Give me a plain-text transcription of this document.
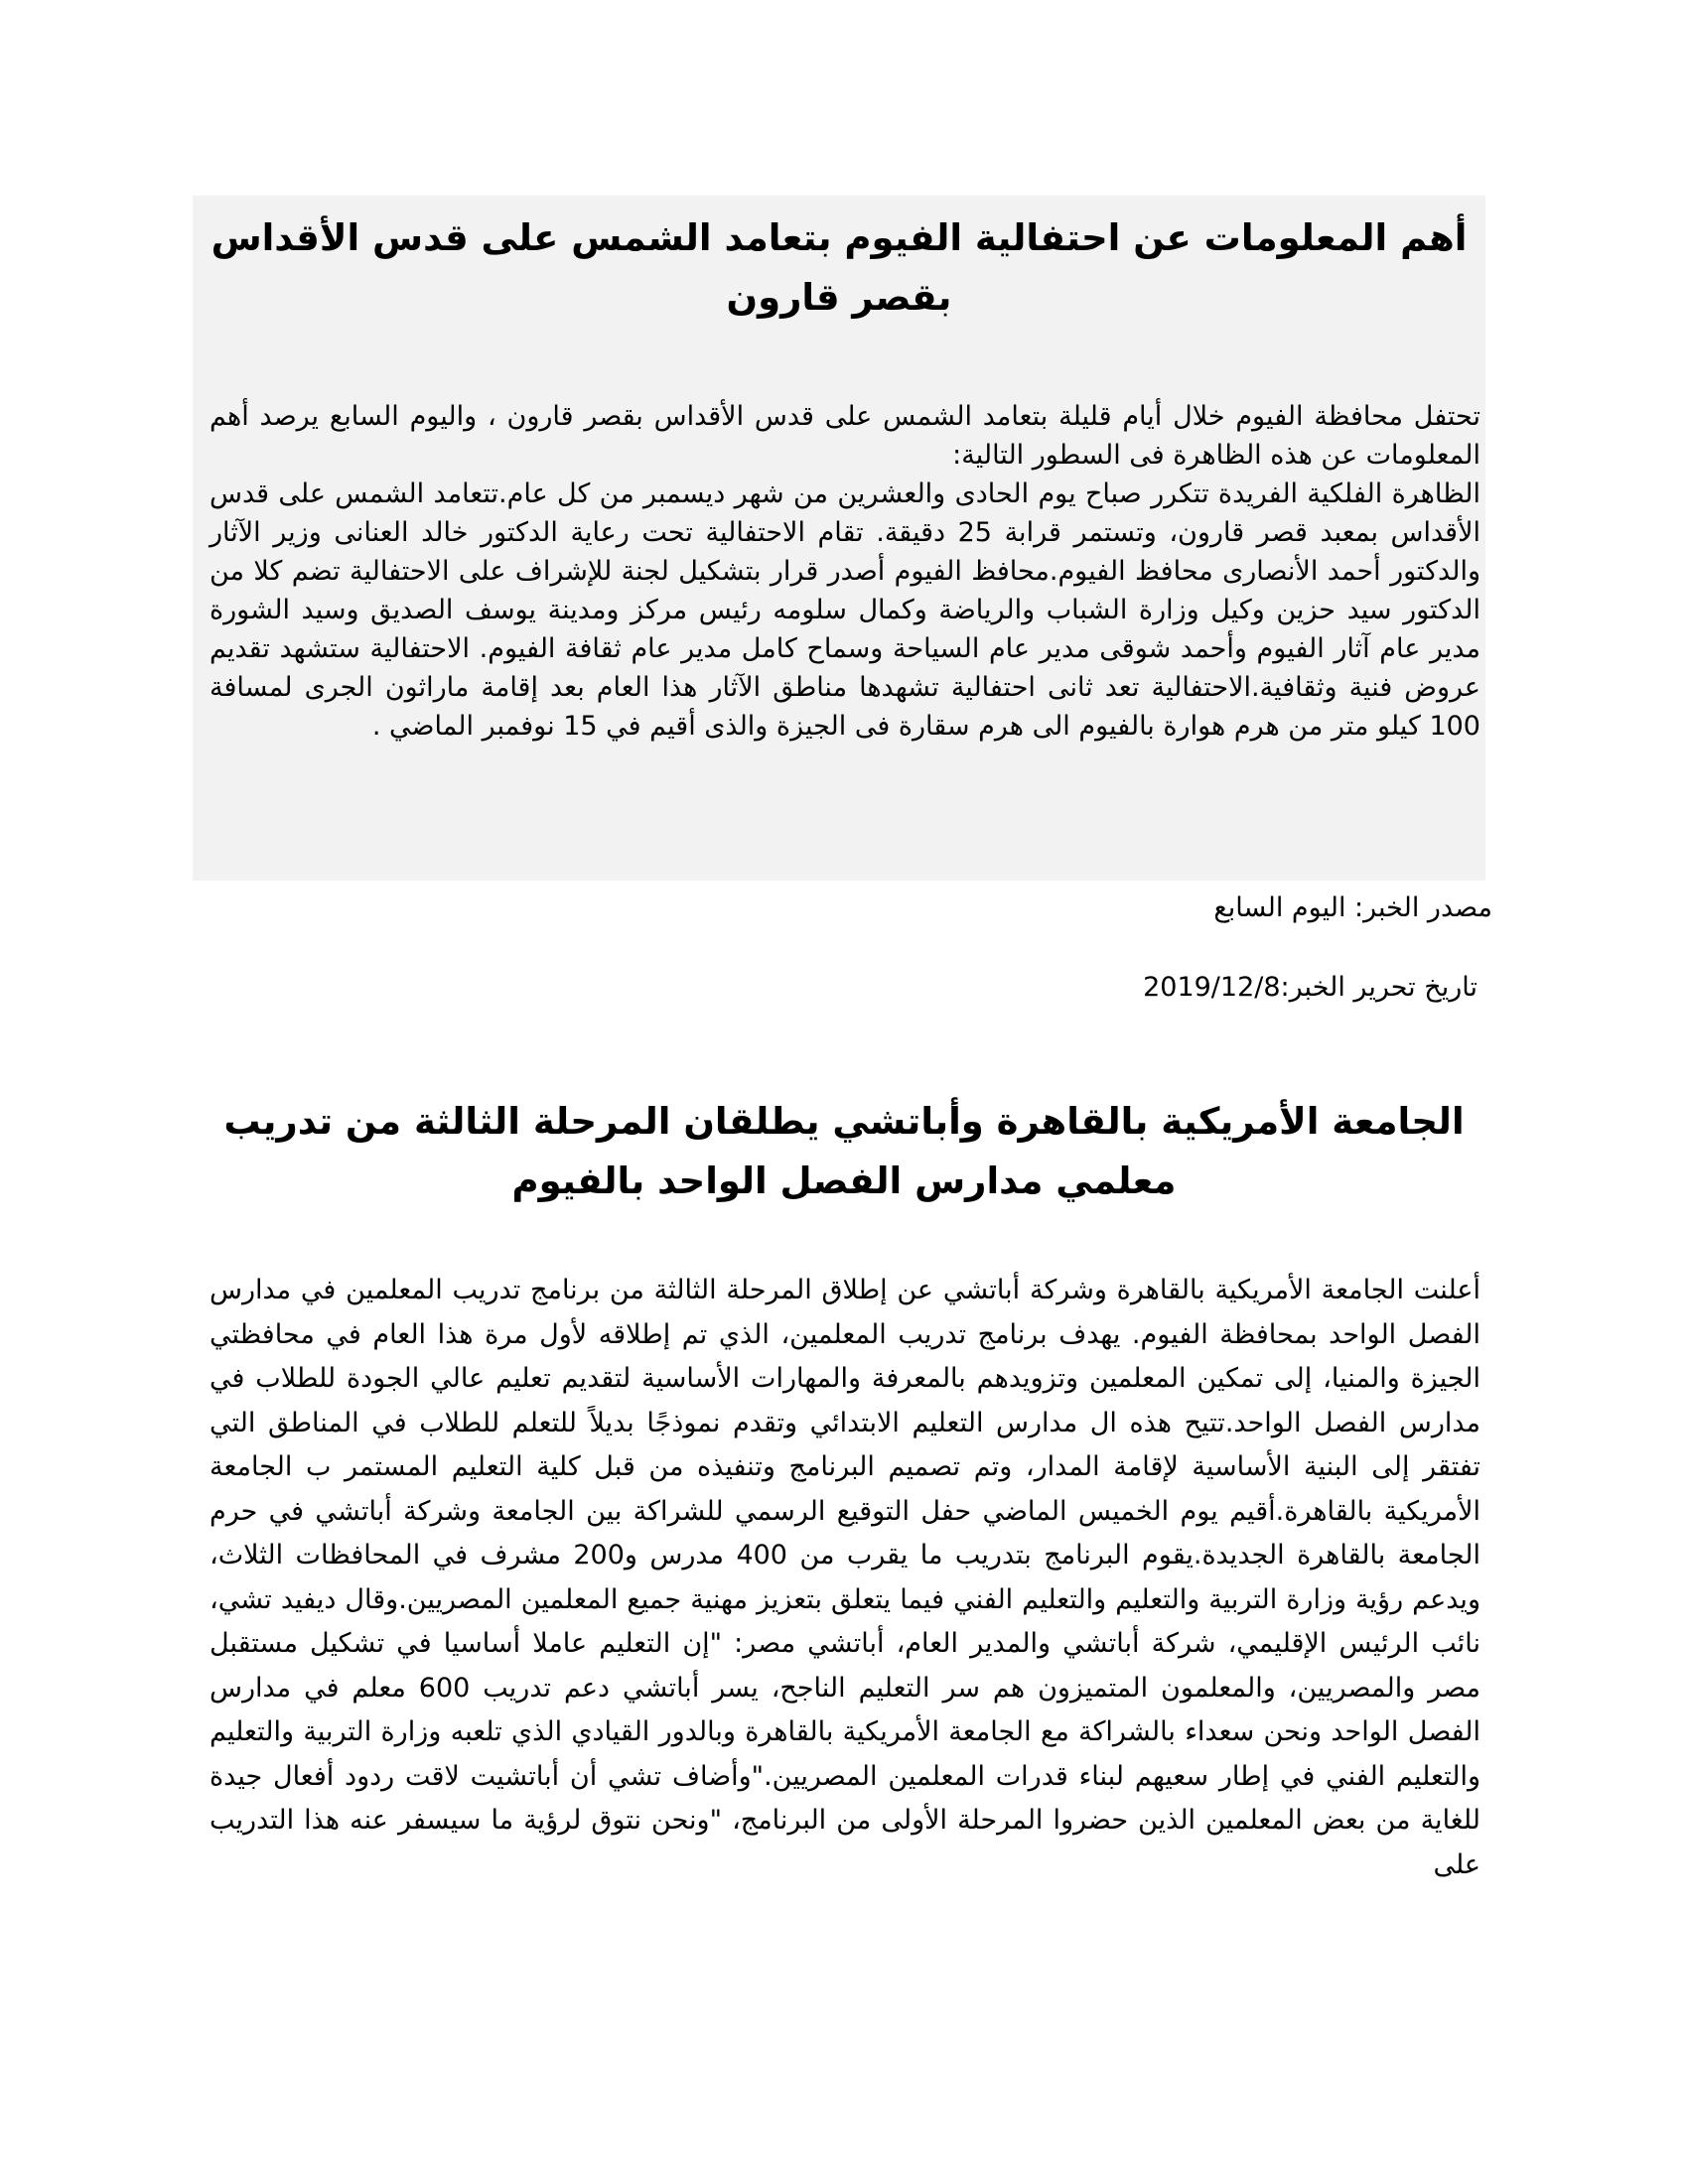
أهم المعلومات عن احتفالية الفيوم بتعامد الشمس على قدس الأقداس بقصر قارون

تحتفل محافظة الفيوم خلال أيام قليلة بتعامد الشمس على قدس الأقداس بقصر قارون ، واليوم السابع يرصد أهم المعلومات عن هذه الظاهرة فى السطور التالية:

الظاهرة الفلكية الفريدة تتكرر صباح يوم الحادى والعشرين من شهر ديسمبر من كل عام.تتعامد الشمس على قدس الأقداس بمعبد قصر قارون، وتستمر قرابة 25 دقيقة. تقام الاحتفالية تحت رعاية الدكتور خالد العنانى وزير الآثار والدكتور أحمد الأنصارى محافظ الفيوم.محافظ الفيوم أصدر قرار بتشكيل لجنة للإشراف على الاحتفالية تضم كلا من الدكتور سيد حزين وكيل وزارة الشباب والرياضة وكمال سلومه رئيس مركز ومدينة يوسف الصديق وسيد الشورة مدير عام آثار الفيوم وأحمد شوقى مدير عام السياحة وسماح كامل مدير عام ثقافة الفيوم. الاحتفالية ستشهد تقديم عروض فنية وثقافية.الاحتفالية تعد ثانى احتفالية تشهدها مناطق الآثار هذا العام بعد إقامة ماراثون الجرى لمسافة 100 كيلو متر من هرم هوارة بالفيوم الى هرم سقارة فى الجيزة والذى أقيم في 15 نوفمبر الماضي .

مصدر الخبر: اليوم السابع

تاريخ تحرير الخبر:2019/12/8

الجامعة الأمريكية بالقاهرة وأباتشي يطلقان المرحلة الثالثة من تدريب معلمي مدارس الفصل الواحد بالفيوم

أعلنت الجامعة الأمريكية بالقاهرة وشركة أباتشي عن إطلاق المرحلة الثالثة من برنامج تدريب المعلمين في مدارس الفصل الواحد بمحافظة الفيوم. يهدف برنامج تدريب المعلمين، الذي تم إطلاقه لأول مرة هذا العام في محافظتي الجيزة والمنيا، إلى تمكين المعلمين وتزويدهم بالمعرفة والمهارات الأساسية لتقديم تعليم عالي الجودة للطلاب في مدارس الفصل الواحد.تتيح هذه ال مدارس التعليم الابتدائي وتقدم نموذجًا بديلاً للتعلم للطلاب في المناطق التي تفتقر إلى البنية الأساسية لإقامة المدار، وتم تصميم البرنامج وتنفيذه من قبل كلية التعليم المستمر ب الجامعة الأمريكية بالقاهرة.أقيم يوم الخميس الماضي حفل التوقيع الرسمي للشراكة بين الجامعة وشركة أباتشي في حرم الجامعة بالقاهرة الجديدة.يقوم البرنامج بتدريب ما يقرب من 400 مدرس و200 مشرف في المحافظات الثلاث، ويدعم رؤية وزارة التربية والتعليم والتعليم الفني فيما يتعلق بتعزيز مهنية جميع المعلمين المصريين.وقال ديفيد تشي، نائب الرئيس الإقليمي، شركة أباتشي والمدير العام، أباتشي مصر: "إن التعليم عاملا أساسيا في تشكيل مستقبل مصر والمصريين، والمعلمون المتميزون هم سر التعليم الناجح، يسر أباتشي دعم تدريب 600 معلم في مدارس الفصل الواحد ونحن سعداء بالشراكة مع الجامعة الأمريكية بالقاهرة وبالدور القيادي الذي تلعبه وزارة التربية والتعليم والتعليم الفني في إطار سعيهم لبناء قدرات المعلمين المصريين."وأضاف تشي أن أباتشيت لاقت ردود أفعال جيدة للغاية من بعض المعلمين الذين حضروا المرحلة الأولى من البرنامج، "ونحن نتوق لرؤية ما سيسفر عنه هذا التدريب على
